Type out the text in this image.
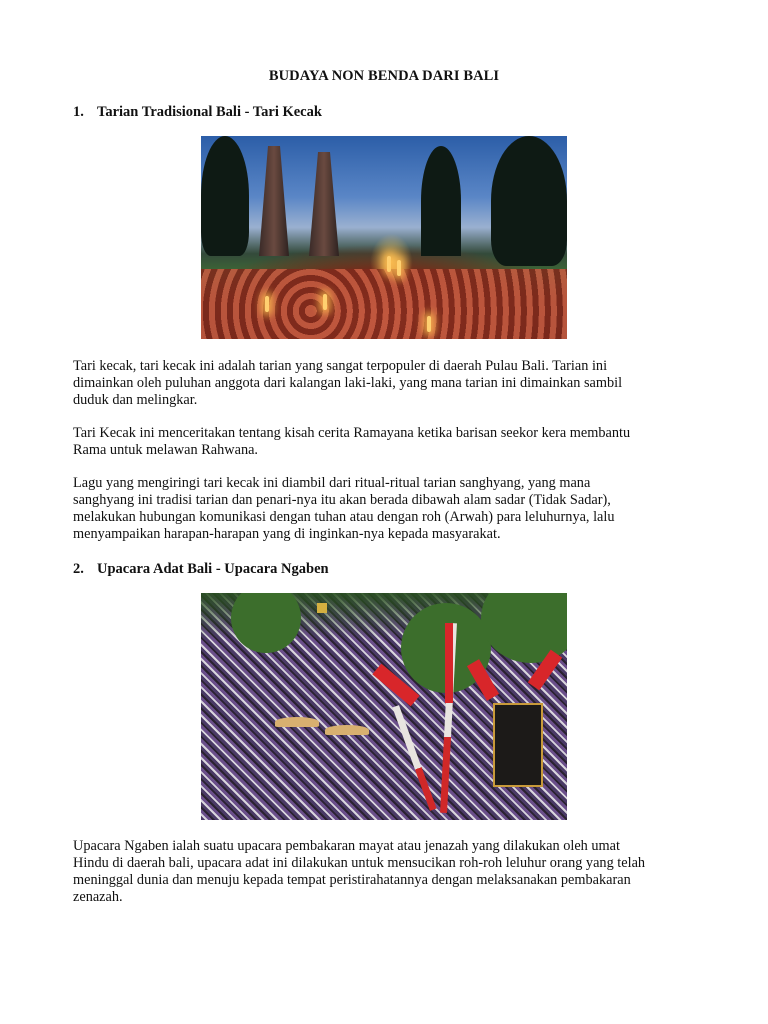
BUDAYA NON BENDA DARI BALI
1. Tarian Tradisional Bali - Tari Kecak

Tari kecak, tari kecak ini adalah tarian yang sangat terpopuler di daerah Pulau Bali. Tarian ini
dimainkan oleh puluhan anggota dari kalangan laki-laki, yang mana tarian ini dimainkan sambil
duduk dan melingkar.

Tari Kecak ini menceritakan tentang kisah cerita Ramayana ketika barisan seekor kera membantu
Rama untuk melawan Rahwana.

Lagu yang mengiringi tari kecak ini diambil dari ritual-ritual tarian sanghyang, yang mana
sanghyang ini tradisi tarian dan penari-nya itu akan berada dibawah alam sadar (Tidak Sadar),
melakukan hubungan komunikasi dengan tuhan atau dengan roh (Arwah) para leluhurnya, lalu
menyampaikan harapan-harapan yang di inginkan-nya kepada masyarakat.

2. Upacara Adat Bali - Upacara Ngaben

Upacara Ngaben ialah suatu upacara pembakaran mayat atau jenazah yang dilakukan oleh umat
Hindu di daerah bali, upacara adat ini dilakukan untuk mensucikan roh-roh leluhur orang yang telah
meninggal dunia dan menuju kepada tempat peristirahatannya dengan melaksanakan pembakaran
zenazah.
